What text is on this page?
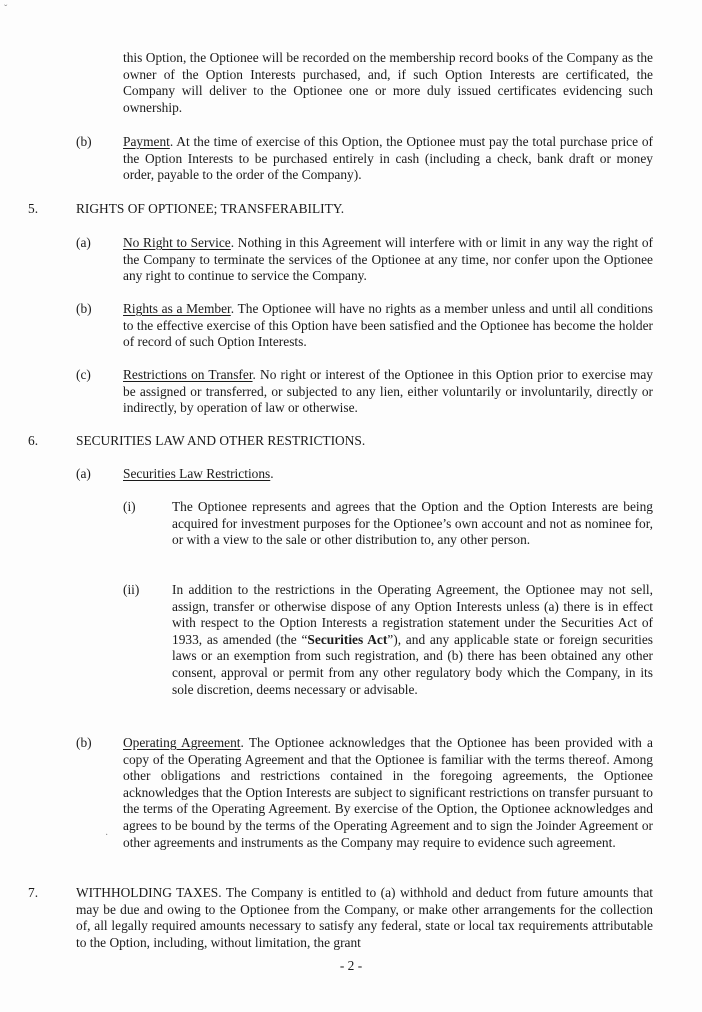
ˇ

this Option, the Optionee will be recorded on the membership record books of the Company as the owner of the Option Interests purchased, and, if such Option Interests are certificated, the Company will deliver to the Optionee one or more duly issued certificates evidencing such ownership.

(b) Payment. At the time of exercise of this Option, the Optionee must pay the total purchase price of the Option Interests to be purchased entirely in cash (including a check, bank draft or money order, payable to the order of the Company).

5.	RIGHTS OF OPTIONEE; TRANSFERABILITY.

(a) No Right to Service. Nothing in this Agreement will interfere with or limit in any way the right of the Company to terminate the services of the Optionee at any time, nor confer upon the Optionee any right to continue to service the Company.

(b) Rights as a Member. The Optionee will have no rights as a member unless and until all conditions to the effective exercise of this Option have been satisfied and the Optionee has become the holder of record of such Option Interests.

(c) Restrictions on Transfer. No right or interest of the Optionee in this Option prior to exercise may be assigned or transferred, or subjected to any lien, either voluntarily or involuntarily, directly or indirectly, by operation of law or otherwise.

6.	SECURITIES LAW AND OTHER RESTRICTIONS.

(a) Securities Law Restrictions.

(i)	The Optionee represents and agrees that the Option and the Option Interests are being acquired for investment purposes for the Optionee’s own account and not as nominee for, or with a view to the sale or other distribution to, any other person.

(ii) In addition to the restrictions in the Operating Agreement, the Optionee may not sell, assign, transfer or otherwise dispose of any Option Interests unless (a) there is in effect with respect to the Option Interests a registration statement under the Securities Act of 1933, as amended (the “Securities Act”), and any applicable state or foreign securities laws or an exemption from such registration, and (b) there has been obtained any other consent, approval or permit from any other regulatory body which the Company, in its sole discretion, deems necessary or advisable.

(b) Operating Agreement. The Optionee acknowledges that the Optionee has been provided with a copy of the Operating Agreement and that the Optionee is familiar with the terms thereof. Among other obligations and restrictions contained in the foregoing agreements, the Optionee acknowledges that the Option Interests are subject to significant restrictions on transfer pursuant to the terms of the Operating Agreement. By exercise of the Option, the Optionee acknowledges and agrees to be bound by the terms of the Operating Agreement and to sign the Joinder Agreement or other agreements and instruments as the Company may require to evidence such agreement.

·

7.	WITHHOLDING TAXES. The Company is entitled to (a) withhold and deduct from future amounts that may be due and owing to the Optionee from the Company, or make other arrangements for the collection of, all legally required amounts necessary to satisfy any federal, state or local tax requirements attributable to the Option, including, without limitation, the grant

- 2 -
